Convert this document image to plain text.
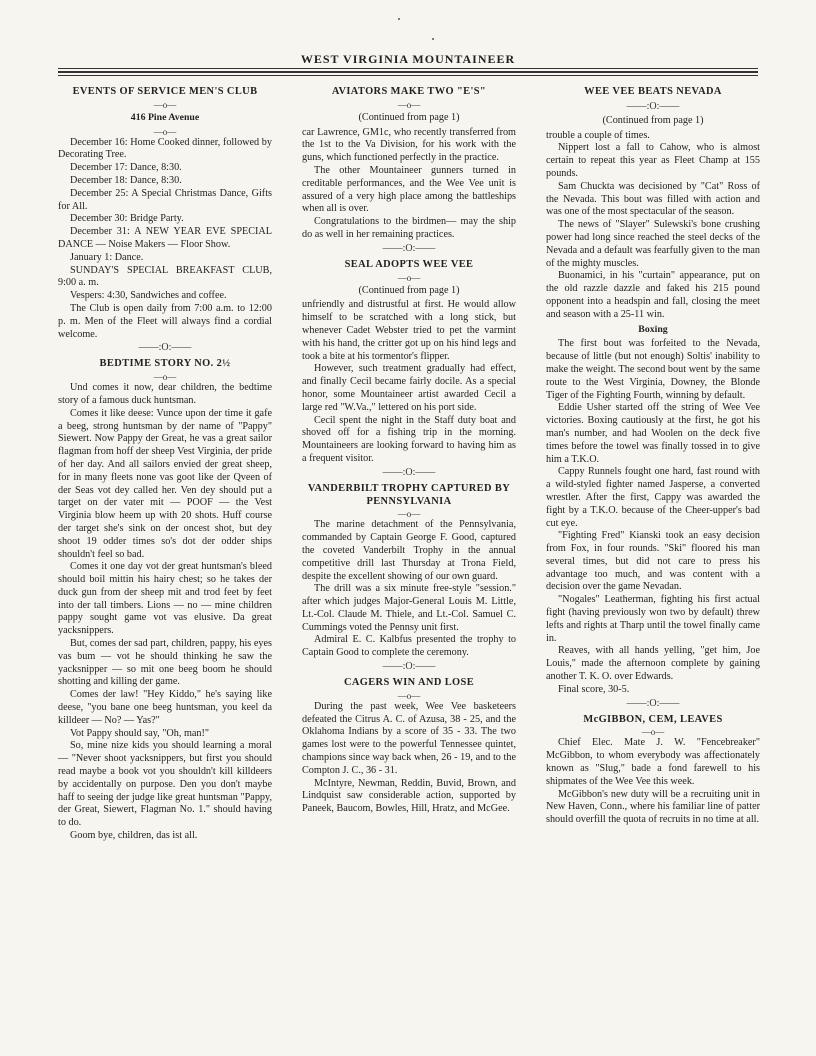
WEST VIRGINIA MOUNTAINEER
EVENTS OF SERVICE MEN'S CLUB
—o—
416 Pine Avenue
—o—

December 16: Home Cooked dinner, followed by Decorating Tree.

December 17: Dance, 8:30.

December 18: Dance, 8:30.

December 25: A Special Christmas Dance, Gifts for All.

December 30: Bridge Party.

December 31: A NEW YEAR EVE SPECIAL DANCE — Noise Makers — Floor Show.

January 1: Dance.

SUNDAY'S SPECIAL BREAKFAST CLUB, 9:00 a. m.

Vespers: 4:30, Sandwiches and coffee.

The Club is open daily from 7:00 a.m. to 12:00 p. m. Men of the Fleet will always find a cordial welcome.

——:O:——
BEDTIME STORY NO. 2½
—o—

Und comes it now, dear children, the bedtime story of a famous duck huntsman.

Comes it like deese: Vunce upon der time it gafe a beeg, strong huntsman by der name of "Pappy" Siewert. Now Pappy der Great, he vas a great sailor flagman from hoff der sheep Vest Virginia, der pride of her day. And all sailors envied der great sheep, for in many fleets none vas goot like der Qveen of der Seas vot dey called her. Ven dey should put a target on der vater mit — POOF — the Vest Virginia blow heem up with 20 shots. Huff course der target she's sink on der oncest shot, but dey shoot 19 odder times so's dot der odder ships shouldn't feel so bad.

Comes it one day vot der great huntsman's bleed should boil mittin his hairy chest; so he takes der duck gun from der sheep mit and trod feet by feet into der tall timbers. Lions — no — mine children pappy sought game vot vas elusive. Da great yacksnippers.

But, comes der sad part, children, pappy, his eyes vas bum — vot he should thinking he saw the yacksnipper — so mit one beeg boom he should shotting and killing der game.

Comes der law! "Hey Kiddo," he's saying like deese, "you bane one beeg huntsman, you keel da killdeer — No? — Yas?"

Vot Pappy should say, "Oh, man!"

So, mine nize kids you should learning a moral — "Never shoot yacksnippers, but first you should read maybe a book vot you shouldn't kill killdeers by accidentally on purpose. Den you don't maybe haff to seeing der judge like great huntsman "Pappy, der Great, Siewert, Flagman No. 1." should having to do.

Goom bye, children, das ist all.

AVIATORS MAKE TWO "E'S"
—o—
(Continued from page 1)

car Lawrence, GM1c, who recently transferred from the 1st to the Va Division, for his work with the guns, which functioned perfectly in the practice.

The other Mountaineer gunners turned in creditable performances, and the Wee Vee unit is assured of a very high place among the battleships when all is over.

Congratulations to the birdmen— may the ship do as well in her remaining practices.

——:O:——
SEAL ADOPTS WEE VEE
—o—
(Continued from page 1)

unfriendly and distrustful at first. He would allow himself to be scratched with a long stick, but whenever Cadet Webster tried to pet the varmint with his hand, the critter got up on his hind legs and took a bite at his tormentor's flipper.

However, such treatment gradually had effect, and finally Cecil became fairly docile. As a special honor, some Mountaineer artist awarded Cecil a large red "W.Va.," lettered on his port side.

Cecil spent the night in the Staff duty boat and shoved off for a fishing trip in the morning. Mountaineers are looking forward to having him as a frequent visitor.

——:O:——
VANDERBILT TROPHY CAPTURED BY PENNSYLVANIA
—o—

The marine detachment of the Pennsylvania, commanded by Captain George F. Good, captured the coveted Vanderbilt Trophy in the annual competitive drill last Thursday at Trona Field, despite the excellent showing of our own guard.

The drill was a six minute free-style "session." after which judges Major-General Louis M. Little, Lt.-Col. Claude M. Thiele, and Lt.-Col. Samuel C. Cummings voted the Pennsy unit first.

Admiral E. C. Kalbfus presented the trophy to Captain Good to complete the ceremony.

——:O:——
CAGERS WIN AND LOSE
—o—

During the past week, Wee Vee basketeers defeated the Citrus A. C. of Azusa, 38 - 25, and the Oklahoma Indians by a score of 35 - 33. The two games lost were to the powerful Tennessee quintet, champions since way back when, 26 - 19, and to the Compton J. C., 36 - 31.

McIntyre, Newman, Reddin, Buvid, Brown, and Lindquist saw considerable action, supported by Paneek, Baucom, Bowles, Hill, Hratz, and McGee.

WEE VEE BEATS NEVADA
——:O:——
(Continued from page 1)

trouble a couple of times.

Nippert lost a fall to Cahow, who is almost certain to repeat this year as Fleet Champ at 155 pounds.

Sam Chuckta was decisioned by "Cat" Ross of the Nevada. This bout was filled with action and was one of the most spectacular of the season.

The news of "Slayer" Sulewski's bone crushing power had long since reached the steel decks of the Nevada and a default was fearfully given to the man of the mighty muscles.

Buonamici, in his "curtain" appearance, put on the old razzle dazzle and faked his 215 pound opponent into a headspin and fall, closing the meet and season with a 25-11 win.

Boxing

The first bout was forfeited to the Nevada, because of little (but not enough) Soltis' inability to make the weight. The second bout went by the same route to the West Virginia, Downey, the Blonde Tiger of the Fighting Fourth, winning by default.

Eddie Usher started off the string of Wee Vee victories. Boxing cautiously at the first, he got his man's number, and had Woolen on the deck five times before the towel was finally tossed in to give him a T.K.O.

Cappy Runnels fought one hard, fast round with a wild-styled fighter named Jasperse, a converted wrestler. After the first, Cappy was awarded the fight by a T.K.O. because of the Cheer-upper's bad cut eye.

"Fighting Fred" Kianski took an easy decision from Fox, in four rounds. "Ski" floored his man several times, but did not care to press his advantage too much, and was content with a decision over the game Nevadan.

"Nogales" Leatherman, fighting his first actual fight (having previously won two by default) threw lefts and rights at Tharp until the towel finally came in.

Reaves, with all hands yelling, "get him, Joe Louis," made the afternoon complete by gaining another T. K. O. over Edwards.

Final score, 30-5.

——:O:——
McGIBBON, CEM, LEAVES
—o—

Chief Elec. Mate J. W. "Fencebreaker" McGibbon, to whom everybody was affectionately known as "Slug," bade a fond farewell to his shipmates of the Wee Vee this week.

McGibbon's new duty will be a recruiting unit in New Haven, Conn., where his familiar line of patter should overfill the quota of recruits in no time at all.
